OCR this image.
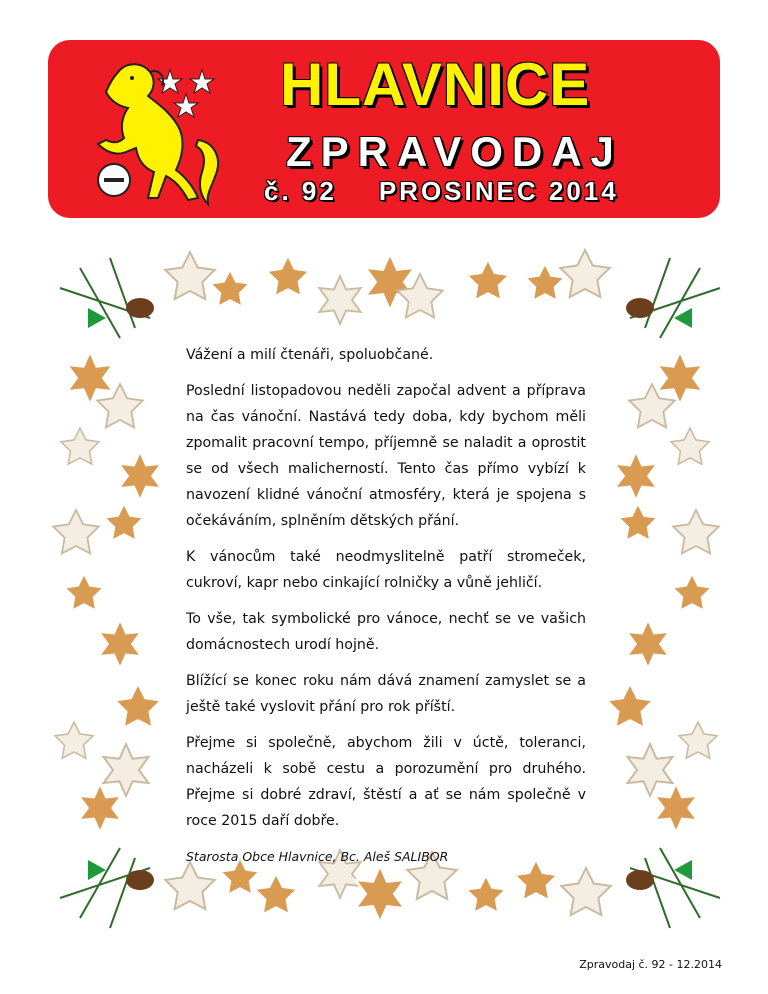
HLAVNICE
ZPRAVODAJ
č. 92 PROSINEC 2014

Vážení a milí čtenáři, spoluobčané.

Poslední listopadovou neděli započal advent a příprava na čas vánoční. Nastává tedy doba, kdy bychom měli zpomalit pracovní tempo, příjemně se naladit a oprostit se od všech malicherností. Tento čas přímo vybízí k navození klidné vánoční atmosféry, která je spojena s očekáváním, splněním dětských přání.

K vánocům také neodmyslitelně patří stromeček, cukroví, kapr nebo cinkající rolničky a vůně jehličí.

To vše, tak symbolické pro vánoce, nechť se ve vašich domácnostech urodí hojně.

Blížící se konec roku nám dává znamení zamyslet se a ještě také vyslovit přání pro rok příští.

Přejme si společně, abychom žili v úctě, toleranci, nacházeli k sobě cestu a porozumění pro druhého. Přejme si dobré zdraví, štěstí a ať se nám společně v roce 2015 daří dobře.

Starosta Obce Hlavnice, Bc. Aleš SALIBOR

Zpravodaj č. 92 - 12.2014
